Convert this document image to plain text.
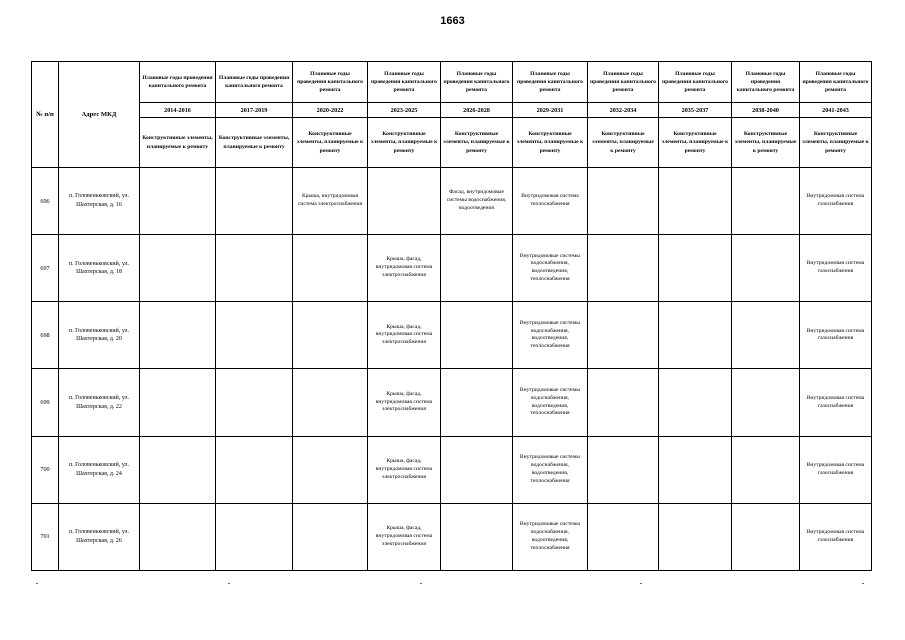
1663
№ п/п	Адрес МКД	Плановые годы проведения капитального ремонта	Плановые годы проведения капитального ремонта	Плановые годы проведения капитального ремонта	Плановые годы проведения капитального ремонта	Плановые годы проведения капитального ремонта	Плановые годы проведения капитального ремонта	Плановые годы проведения капитального ремонта	Плановые годы проведения капитального ремонта	Плановые годы проведения капитального ремонта	Плановые годы проведения капитального ремонта
		2014-2016	2017-2019	2020-2022	2023-2025	2026-2028	2029-2031	2032-2034	2035-2037	2038-2040	2041-2043
		Конструктивные элементы, планируемые к ремонту	Конструктивные элементы, планируемые к ремонту	Конструктивные элементы, планируемые к ремонту	Конструктивные элементы, планируемые к ремонту	Конструктивные элементы, планируемые к ремонту	Конструктивные элементы, планируемые к ремонту	Конструктивные элементы, планируемые к ремонту	Конструктивные элементы, планируемые к ремонту	Конструктивные элементы, планируемые к ремонту	Конструктивные элементы, планируемые к ремонту
696	п. Головеньковский, ул. Шахтерская, д. 16			Крыша, внутридомовая система электроснабжения		Фасад, внутридомовые системы водоснабжения, водоотведения	Внутридомовая система теплоснабжения				Внутридомовая система газоснабжения
697	п. Головеньковский, ул. Шахтерская, д. 18				Крыша, фасад, внутридомовая система электроснабжения		Внутридомовые системы водоснабжения, водоотведения, теплоснабжения				Внутридомовая система газоснабжения
698	п. Головеньковский, ул. Шахтерская, д. 20				Крыша, фасад, внутридомовая система электроснабжения		Внутридомовые системы водоснабжения, водоотведения, теплоснабжения				Внутридомовая система газоснабжения
699	п. Головеньковский, ул. Шахтерская, д. 22				Крыша, фасад, внутридомовая система электроснабжения		Внутридомовые системы водоснабжения, водоотведения, теплоснабжения				Внутридомовая система газоснабжения
700	п. Головеньковский, ул. Шахтерская, д. 24				Крыша, фасад, внутридомовая система электроснабжения		Внутридомовые системы водоснабжения, водоотведения, теплоснабжения				Внутридомовая система газоснабжения
701	п. Головеньковский, ул. Шахтерская, д. 26				Крыша, фасад, внутридомовая система электроснабжения		Внутридомовые системы водоснабжения, водоотведения, теплоснабжения				Внутридомовая система газоснабжения
